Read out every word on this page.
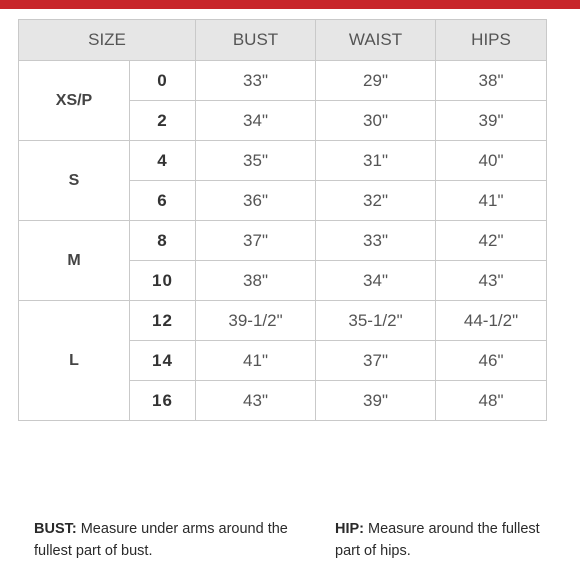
SIZE		BUST	WAIST	HIPS
XS/P	0	33"	29"	38"
	2	34"	30"	39"
S	4	35"	31"	40"
	6	36"	32"	41"
M	8	37"	33"	42"
	10	38"	34"	43"
L	12	39-1/2"	35-1/2"	44-1/2"
	14	41"	37"	46"
	16	43"	39"	48"
BUST: Measure under arms around the fullest part of bust.
HIP: Measure around the fullest part of hips.
